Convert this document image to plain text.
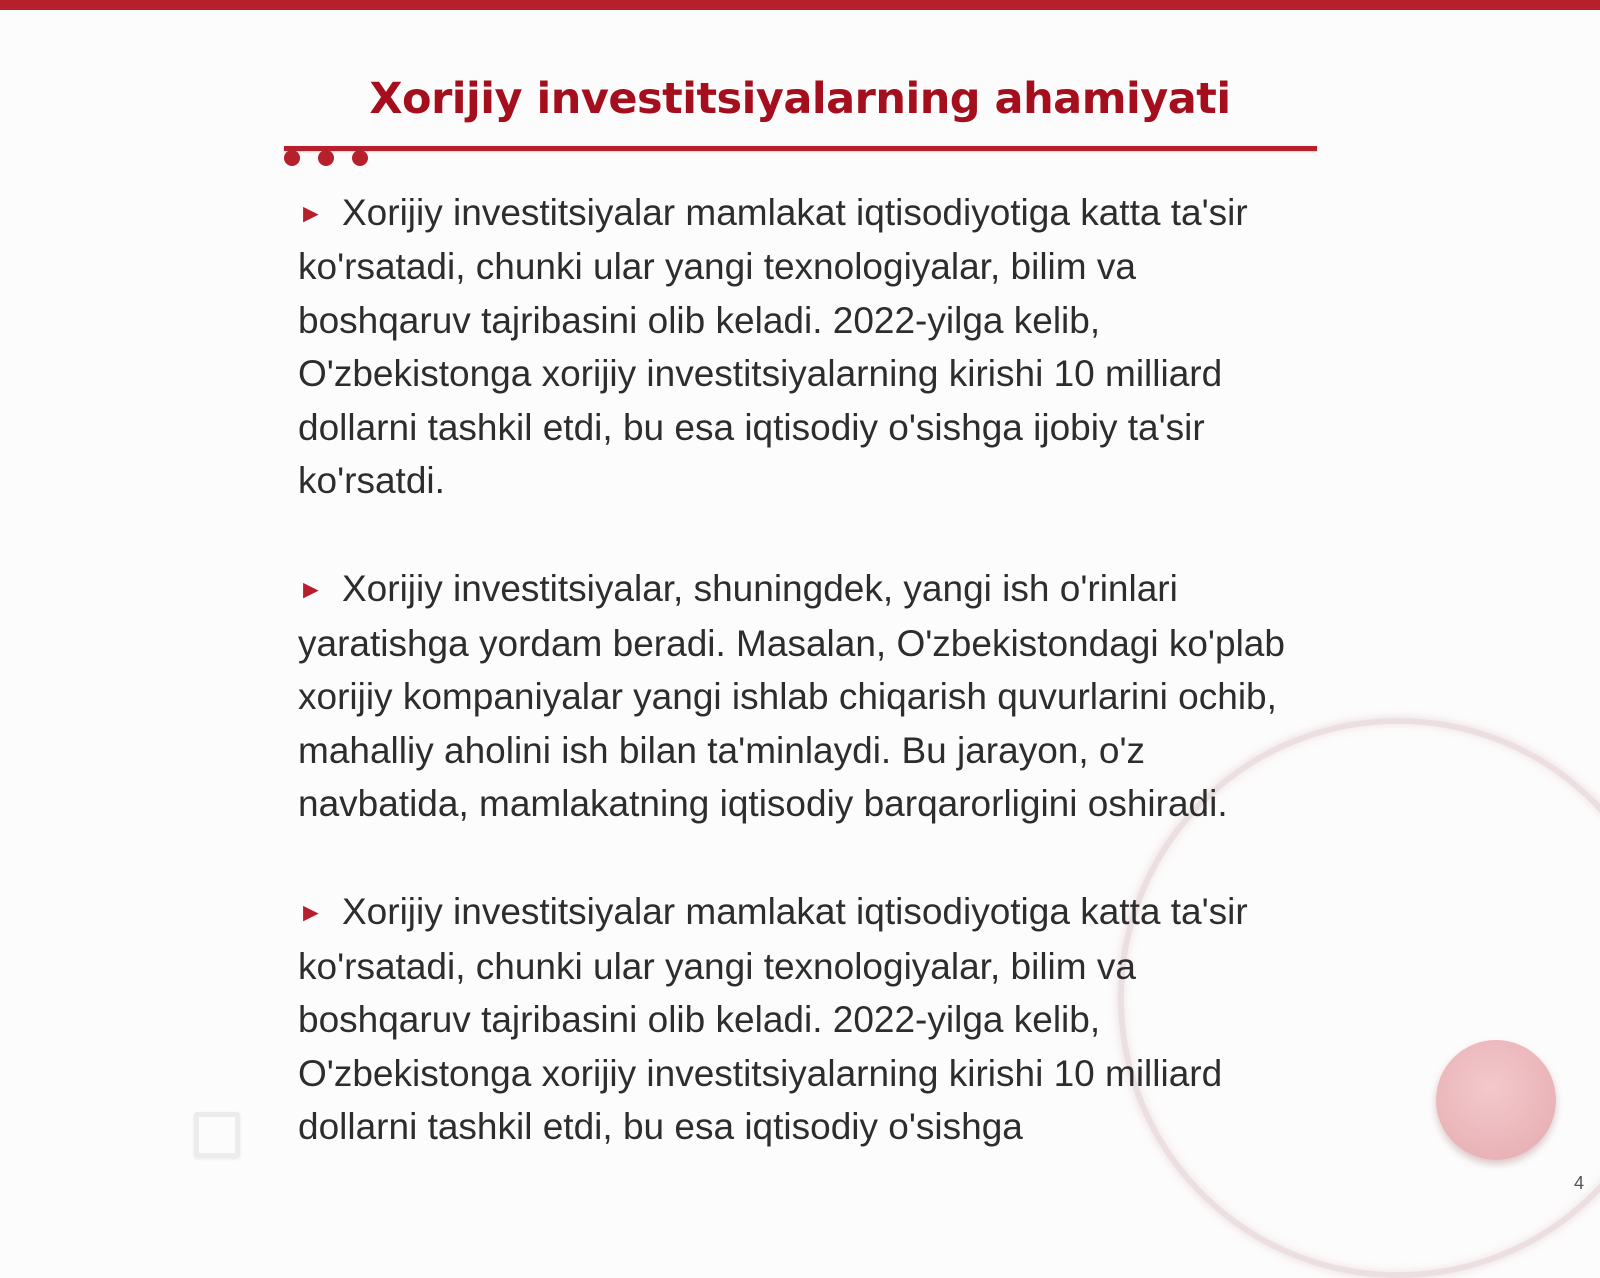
Xorijiy investitsiyalarning ahamiyati

► Xorijiy investitsiyalar mamlakat iqtisodiyotiga katta ta'sir ko'rsatadi, chunki ular yangi texnologiyalar, bilim va boshqaruv tajribasini olib keladi. 2022-yilga kelib, O'zbekistonga xorijiy investitsiyalarning kirishi 10 milliard dollarni tashkil etdi, bu esa iqtisodiy o'sishga ijobiy ta'sir ko'rsatdi.

► Xorijiy investitsiyalar, shuningdek, yangi ish o'rinlari yaratishga yordam beradi. Masalan, O'zbekistondagi ko'plab xorijiy kompaniyalar yangi ishlab chiqarish quvurlarini ochib, mahalliy aholini ish bilan ta'minlaydi. Bu jarayon, o'z navbatida, mamlakatning iqtisodiy barqarorligini oshiradi.

► Xorijiy investitsiyalar mamlakat iqtisodiyotiga katta ta'sir ko'rsatadi, chunki ular yangi texnologiyalar, bilim va boshqaruv tajribasini olib keladi. 2022-yilga kelib, O'zbekistonga xorijiy investitsiyalarning kirishi 10 milliard dollarni tashkil etdi, bu esa iqtisodiy o'sishga

4
